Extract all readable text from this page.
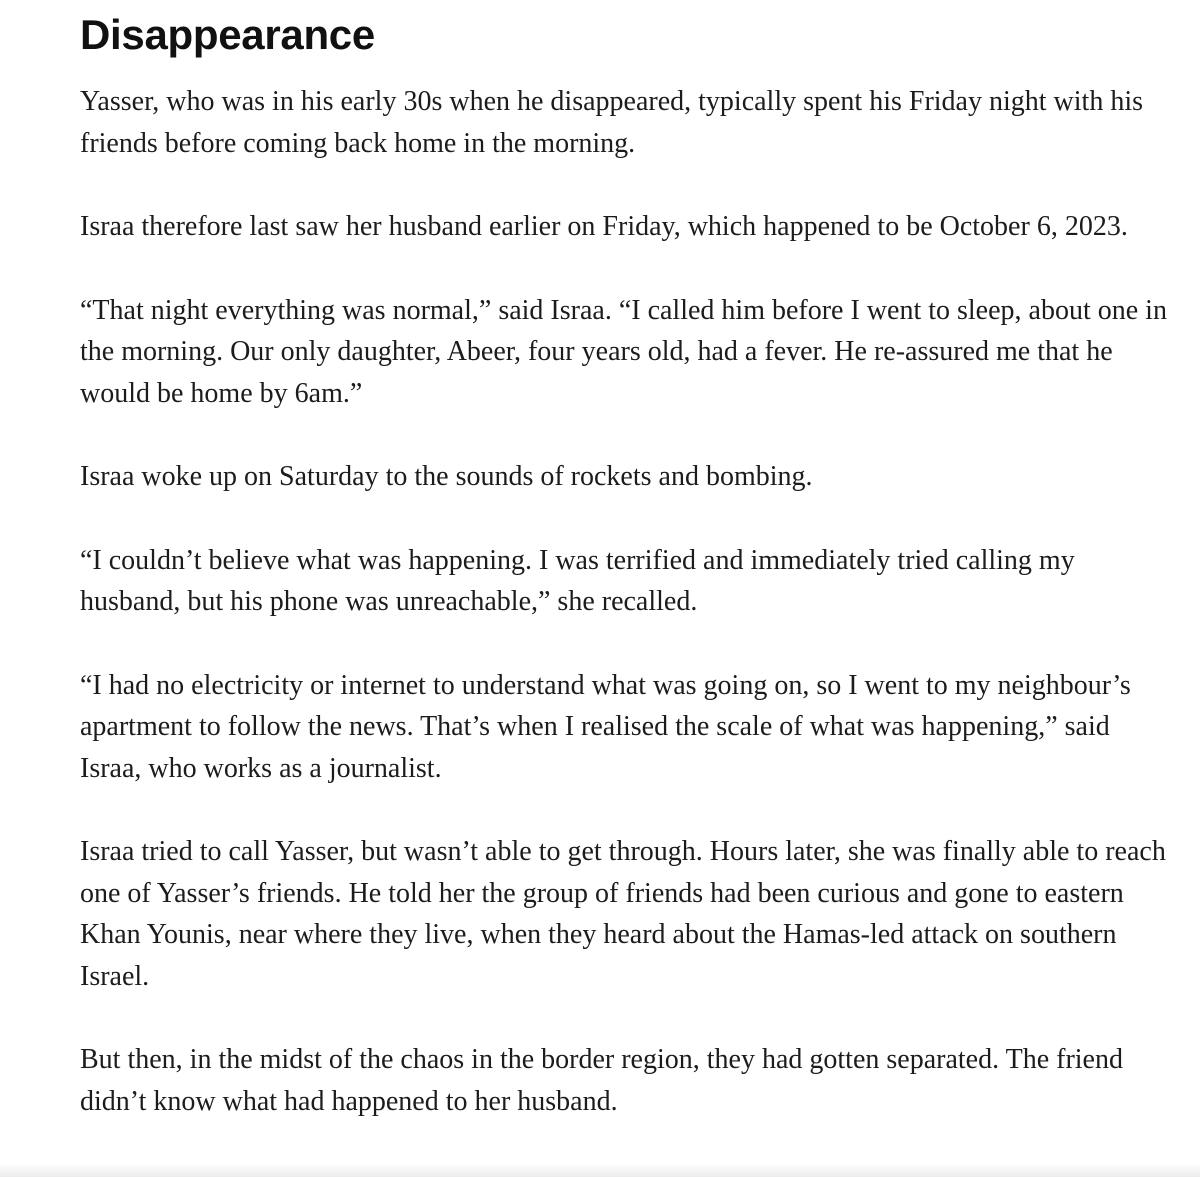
Disappearance

Yasser, who was in his early 30s when he disappeared, typically spent his Friday night with his friends before coming back home in the morning.

Israa therefore last saw her husband earlier on Friday, which happened to be October 6, 2023.

“That night everything was normal,” said Israa. “I called him before I went to sleep, about one in the morning. Our only daughter, Abeer, four years old, had a fever. He re-assured me that he would be home by 6am.”

Israa woke up on Saturday to the sounds of rockets and bombing.

“I couldn’t believe what was happening. I was terrified and immediately tried calling my husband, but his phone was unreachable,” she recalled.

“I had no electricity or internet to understand what was going on, so I went to my neighbour’s apartment to follow the news. That’s when I realised the scale of what was happening,” said Israa, who works as a journalist.

Israa tried to call Yasser, but wasn’t able to get through. Hours later, she was finally able to reach one of Yasser’s friends. He told her the group of friends had been curious and gone to eastern Khan Younis, near where they live, when they heard about the Hamas-led attack on southern Israel.

But then, in the midst of the chaos in the border region, they had gotten separated. The friend didn’t know what had happened to her husband.
